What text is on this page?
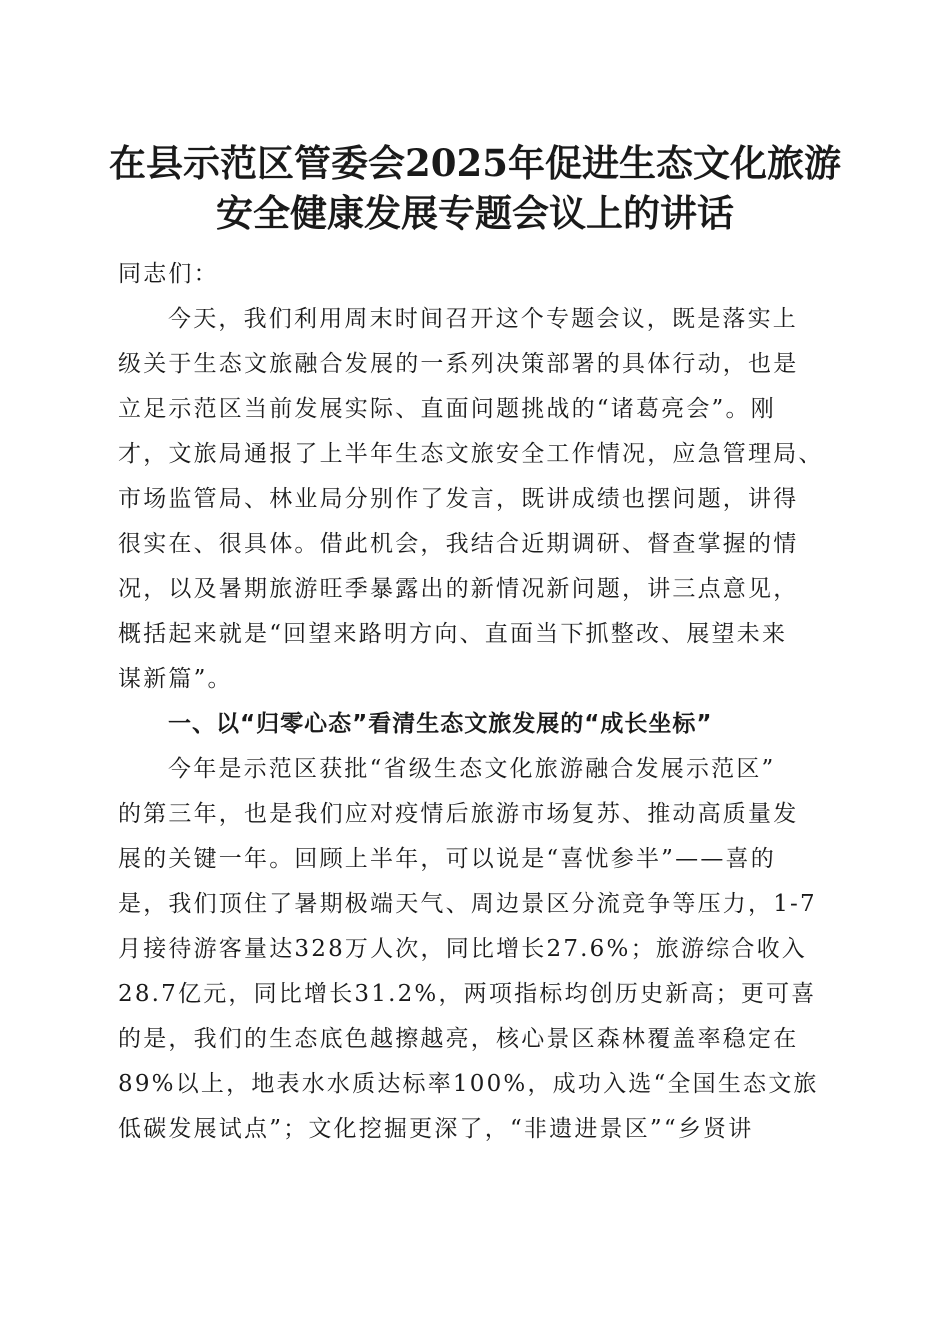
在县示范区管委会2025年促进生态文化旅游
安全健康发展专题会议上的讲话
同志们：
今天，我们利用周末时间召开这个专题会议，既是落实上
级关于生态文旅融合发展的一系列决策部署的具体行动，也是
立足示范区当前发展实际、直面问题挑战的“诸葛亮会”。刚
才，文旅局通报了上半年生态文旅安全工作情况，应急管理局、
市场监管局、林业局分别作了发言，既讲成绩也摆问题，讲得
很实在、很具体。借此机会，我结合近期调研、督查掌握的情
况，以及暑期旅游旺季暴露出的新情况新问题，讲三点意见，
概括起来就是“回望来路明方向、直面当下抓整改、展望未来
谋新篇”。
一、以“归零心态”看清生态文旅发展的“成长坐标”
今年是示范区获批“省级生态文化旅游融合发展示范区”
的第三年，也是我们应对疫情后旅游市场复苏、推动高质量发
展的关键一年。回顾上半年，可以说是“喜忧参半”——喜的
是，我们顶住了暑期极端天气、周边景区分流竞争等压力，1-7
月接待游客量达328万人次，同比增长27.6%；旅游综合收入
28.7亿元，同比增长31.2%，两项指标均创历史新高；更可喜
的是，我们的生态底色越擦越亮，核心景区森林覆盖率稳定在
89%以上，地表水水质达标率100%，成功入选“全国生态文旅
低碳发展试点”；文化挖掘更深了，“非遗进景区”“乡贤讲
